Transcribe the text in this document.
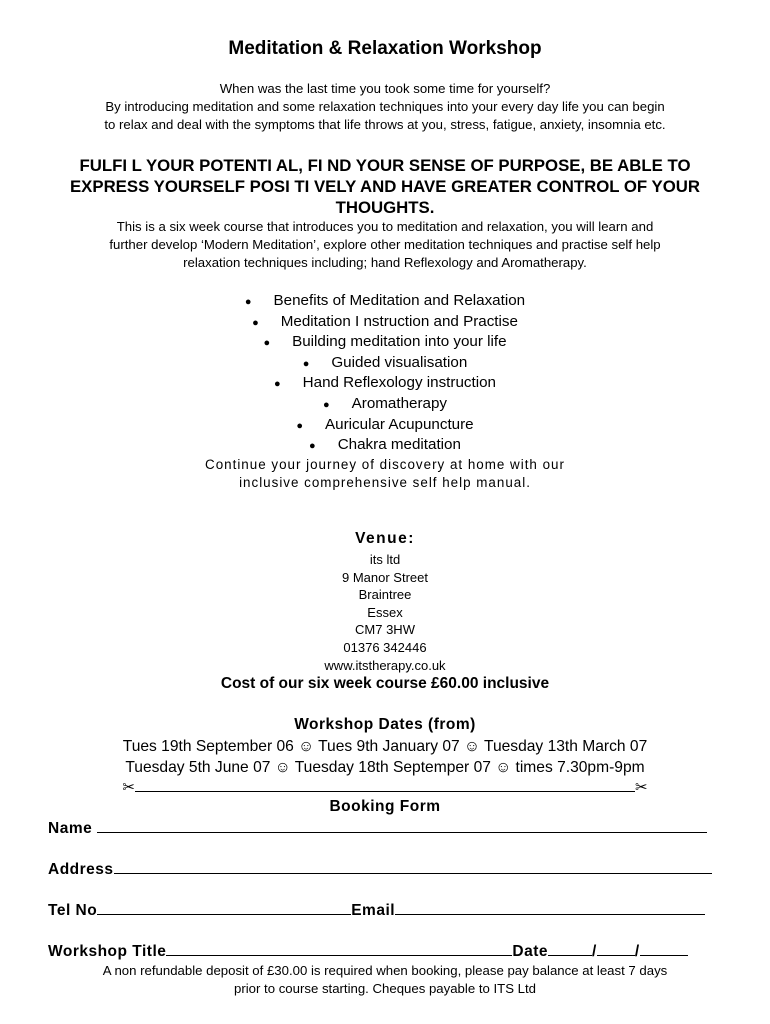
Meditation & Relaxation Workshop
When was the last time you took some time for yourself?
By introducing meditation and some relaxation techniques into your every day life you can begin
to relax and deal with the symptoms that life throws at you, stress, fatigue, anxiety, insomnia etc.
FULFI L YOUR POTENTI AL, FI ND YOUR SENSE OF PURPOSE, BE ABLE TO
EXPRESS YOURSELF POSI TI VELY AND HAVE GREATER CONTROL OF YOUR
THOUGHTS.
This is a six week course that introduces you to meditation and relaxation, you will learn and
further develop ‘Modern Meditation’, explore other meditation techniques and practise self help
relaxation techniques including; hand Reflexology and Aromatherapy.
● Benefits of Meditation and Relaxation
● Meditation I nstruction and Practise
● Building meditation into your life
● Guided visualisation
● Hand Reflexology instruction
● Aromatherapy
● Auricular Acupuncture
● Chakra meditation
Continue your journey of discovery at home with our
inclusive comprehensive self help manual.
Venue:
its ltd
9 Manor Street
Braintree
Essex
CM7 3HW
01376 342446
www.itstherapy.co.uk
Cost of our six week course £60.00 inclusive
Workshop Dates (from)
Tues 19th September 06 ☺ Tues 9th January 07 ☺ Tuesday 13th March 07
Tuesday 5th June 07 ☺ Tuesday 18th Septemper 07 ☺ times 7.30pm-9pm
✂	✂
Booking Form
Name
Address
Tel No	Email
Workshop Title	Date	/ /
A non refundable deposit of £30.00 is required when booking, please pay balance at least 7 days
prior to course starting. Cheques payable to ITS Ltd
